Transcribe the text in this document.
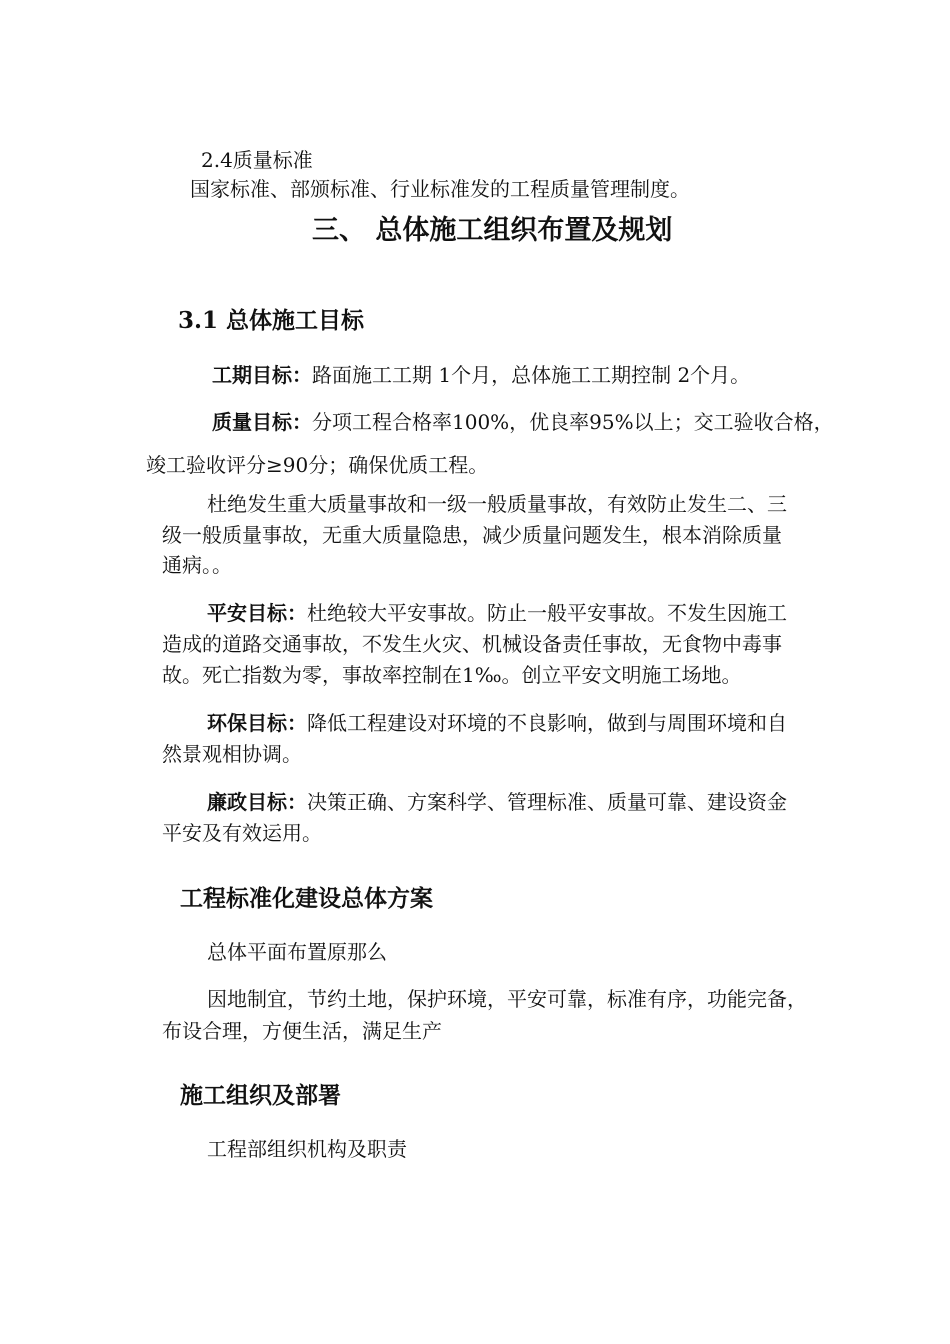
2.4质量标准
国家标准、部颁标准、行业标准发的工程质量管理制度。
三、 总体施工组织布置及规划
3.1 总体施工目标
工期目标：路面施工工期 1个月，总体施工工期控制 2个月。
质量目标：分项工程合格率100%，优良率95%以上；交工验收合格，
竣工验收评分≥90分；确保优质工程。
杜绝发生重大质量事故和一级一般质量事故，有效防止发生二、三
级一般质量事故，无重大质量隐患，减少质量问题发生，根本消除质量
通病。。
平安目标：杜绝较大平安事故。防止一般平安事故。不发生因施工
造成的道路交通事故，不发生火灾、机械设备责任事故，无食物中毒事
故。死亡指数为零，事故率控制在1‰。创立平安文明施工场地。
环保目标：降低工程建设对环境的不良影响，做到与周围环境和自
然景观相协调。
廉政目标：决策正确、方案科学、管理标准、质量可靠、建设资金
平安及有效运用。
工程标准化建设总体方案
总体平面布置原那么
因地制宜，节约土地，保护环境，平安可靠，标准有序，功能完备，
布设合理，方便生活，满足生产
施工组织及部署
工程部组织机构及职责
